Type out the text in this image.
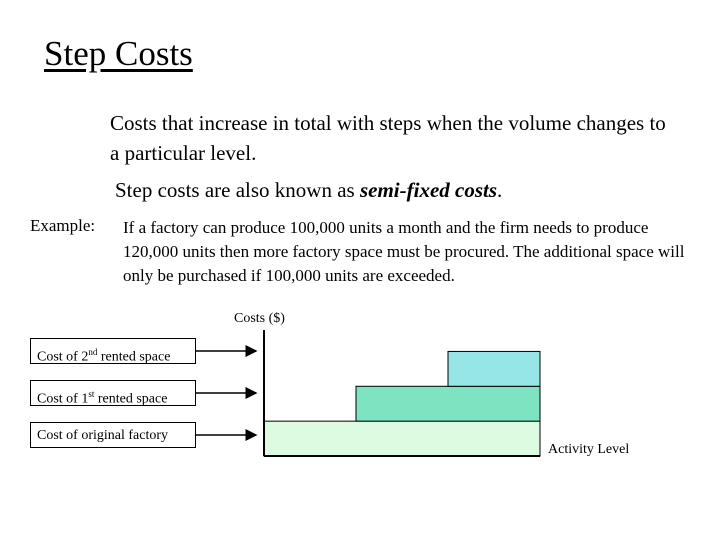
Step Costs
Costs that increase in total with steps when the volume changes to a particular level.
Step costs are also known as semi-fixed costs.
Example: If a factory can produce 100,000 units a month and the firm needs to produce 120,000 units then more factory space must be procured. The additional space will only be purchased if 100,000 units are exceeded.
Costs ($)
Activity Level
Cost of 2nd rented space
Cost of 1st rented space
Cost of original factory
